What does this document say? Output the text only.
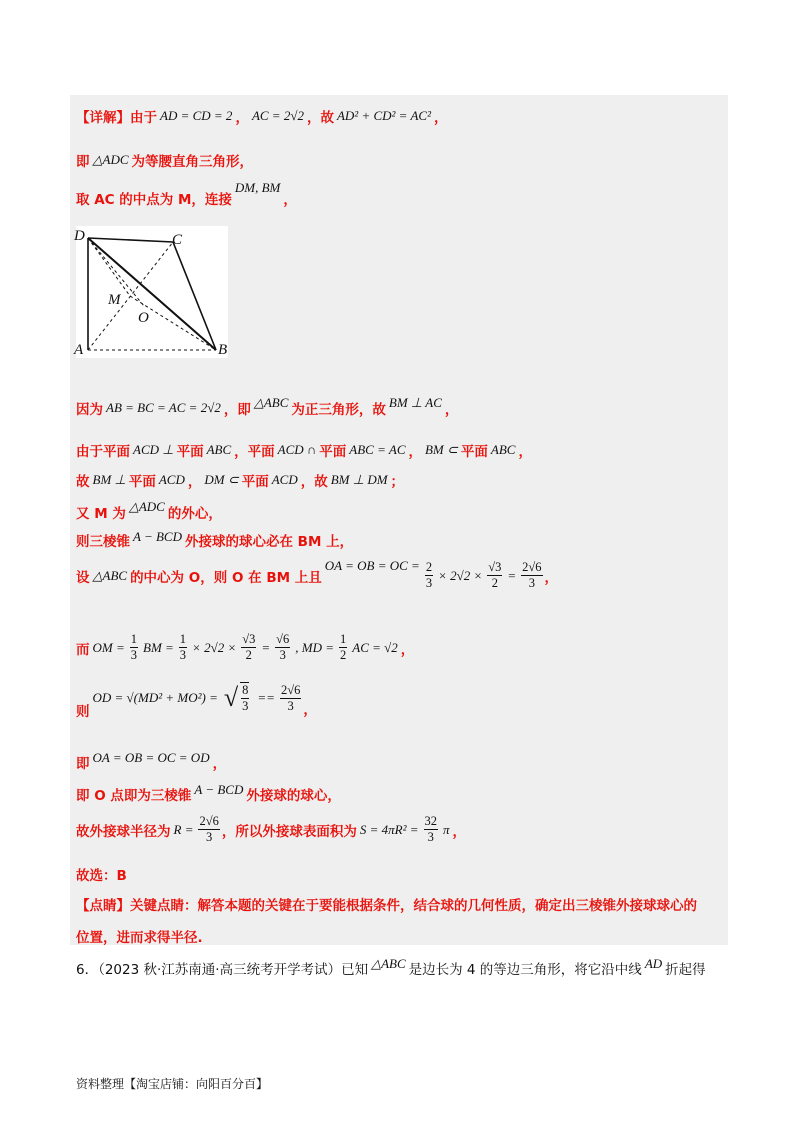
【详解】由于 AD = CD = 2 ， AC = 2√2 ，故 AD² + CD² = AC² ，
即 △ADC 为等腰直角三角形，
取 AC 的中点为 M，连接
DM, BM
，
D	C
M
O
A	B
因为 AB = BC = AC = 2√2 ，即 △ABC 为正三角形，故 BM ⊥ AC ，
由于平面 ACD ⊥ 平面 ABC ，平面 ACD ∩ 平面 ABC = AC ， BM ⊂ 平面 ABC ，
故 BM ⊥ 平面 ACD ， DM ⊂ 平面 ACD ，故 BM ⊥ DM ；
又 M 为 △ADC 的外心，
则三棱锥 A − BCD 外接球的球心必在 BM 上，
设 △ABC 的中心为 O，则 O 在 BM 上且
OA = OB = OC = $\frac{2}{3} \times 2√2 \times \frac{√3}{2} = \frac{2√6}{3}$ ，
而 OM = $\frac{1}{3}$ BM = $\frac{1}{3} \times 2√2 \times \frac{√3}{2} = \frac{√6}{3}$ , MD = $\frac{1}{2}$ AC = √2 ，
则
OD = √(MD² + MO²) = √ $\frac{8}{3} == \frac{2√6}{3}$ ，
即 OA = OB = OC = OD ，
即 O 点即为三棱锥 A − BCD 外接球的球心，
故外接球半径为 $R = \frac{2√6}{3}$ ，所以外接球表面积为 $S = 4\pi R^2 = \frac{32}{3}$ π ，
故选：B
【点睛】关键点睛：解答本题的关键在于要能根据条件，结合球的几何性质，确定出三棱锥外接球球心的
位置，进而求得半径.
6．（2023 秋·江苏南通·高三统考开学考试）已知 △ABC 是边长为 4 的等边三角形，将它沿中线 AD 折起得
资料整理【淘宝店铺：向阳百分百】
